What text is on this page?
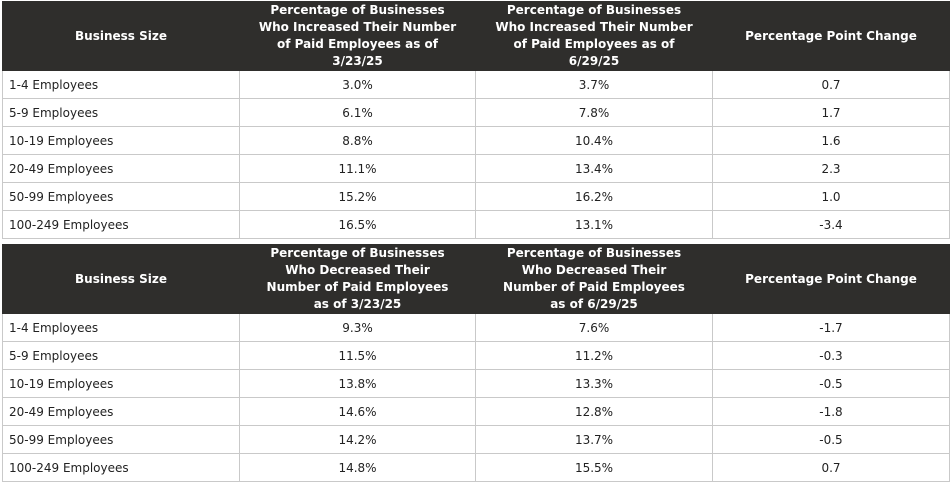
Business Size	Percentage of Businesses Who Increased Their Number of Paid Employees as of 3/23/25	Percentage of Businesses Who Increased Their Number of Paid Employees as of 6/29/25	Percentage Point Change
1-4 Employees	3.0%	3.7%	0.7
5-9 Employees	6.1%	7.8%	1.7
10-19 Employees	8.8%	10.4%	1.6
20-49 Employees	11.1%	13.4%	2.3
50-99 Employees	15.2%	16.2%	1.0
100-249 Employees	16.5%	13.1%	-3.4
Business Size	Percentage of Businesses Who Decreased Their Number of Paid Employees as of 3/23/25	Percentage of Businesses Who Decreased Their Number of Paid Employees as of 6/29/25	Percentage Point Change
1-4 Employees	9.3%	7.6%	-1.7
5-9 Employees	11.5%	11.2%	-0.3
10-19 Employees	13.8%	13.3%	-0.5
20-49 Employees	14.6%	12.8%	-1.8
50-99 Employees	14.2%	13.7%	-0.5
100-249 Employees	14.8%	15.5%	0.7
